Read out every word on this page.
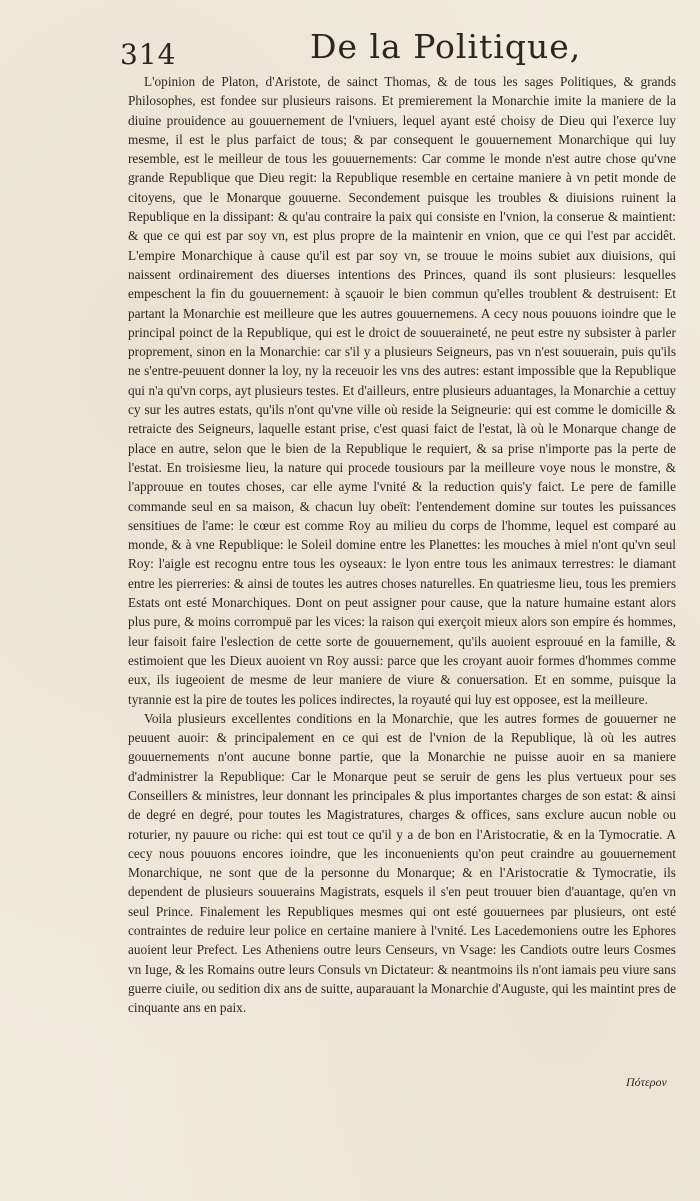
314	De la Politique,

L'opinion de Platon, d'Aristote, de sainct Thomas, & de tous les sages Politiques, & grands Philosophes, est fondee sur plusieurs raisons. Et premierement la Monarchie imite la maniere de la diuine prouidence au gouuernement de l'vniuers, lequel ayant esté choisy de Dieu qui l'exerce luy mesme, il est le plus parfaict de tous; & par consequent le gouuernement Monarchique qui luy resemble, est le meilleur de tous les gouuernements: Car comme le monde n'est autre chose qu'vne grande Republique que Dieu regit: la Republique resemble en certaine maniere à vn petit monde de citoyens, que le Monarque gouuerne. Secondement puisque les troubles & diuisions ruinent la Republique en la dissipant: & qu'au contraire la paix qui consiste en l'vnion, la conserue & maintient: & que ce qui est par soy vn, est plus propre de la maintenir en vnion, que ce qui l'est par accidêt. L'empire Monarchique à cause qu'il est par soy vn, se trouue le moins subiet aux diuisions, qui naissent ordinairement des diuerses intentions des Princes, quand ils sont plusieurs: lesquelles empeschent la fin du gouuernement: à sçauoir le bien commun qu'elles troublent & destruisent: Et partant la Monarchie est meilleure que les autres gouuernemens. A cecy nous pouuons ioindre que le principal poinct de la Republique, qui est le droict de souueraineté, ne peut estre ny subsister à parler proprement, sinon en la Monarchie: car s'il y a plusieurs Seigneurs, pas vn n'est souuerain, puis qu'ils ne s'entre-peuuent donner la loy, ny la receuoir les vns des autres: estant impossible que la Republique qui n'a qu'vn corps, ayt plusieurs testes. Et d'ailleurs, entre plusieurs aduantages, la Monarchie a cettuy cy sur les autres estats, qu'ils n'ont qu'vne ville où reside la Seigneurie: qui est comme le domicille & retraicte des Seigneurs, laquelle estant prise, c'est quasi faict de l'estat, là où le Monarque change de place en autre, selon que le bien de la Republique le requiert, & sa prise n'importe pas la perte de l'estat. En troisiesme lieu, la nature qui procede tousiours par la meilleure voye nous le monstre, & l'approuue en toutes choses, car elle ayme l'vnité & la reduction quis'y faict. Le pere de famille commande seul en sa maison, & chacun luy obeït: l'entendement domine sur toutes les puissances sensitiues de l'ame: le cœur est comme Roy au milieu du corps de l'homme, lequel est comparé au monde, & à vne Republique: le Soleil domine entre les Planettes: les mouches à miel n'ont qu'vn seul Roy: l'aigle est recognu entre tous les oyseaux: le lyon entre tous les animaux terrestres: le diamant entre les pierreries: & ainsi de toutes les autres choses naturelles. En quatriesme lieu, tous les premiers Estats ont esté Monarchiques. Dont on peut assigner pour cause, que la nature humaine estant alors plus pure, & moins corrompuë par les vices: la raison qui exerçoit mieux alors son empire és hommes, leur faisoit faire l'eslection de cette sorte de gouuernement, qu'ils auoient esprouué en la famille, & estimoient que les Dieux auoient vn Roy aussi: parce que les croyant auoir formes d'hommes comme eux, ils iugeoient de mesme de leur maniere de viure & conuersation. Et en somme, puisque la tyrannie est la pire de toutes les polices indirectes, la royauté qui luy est opposee, est la meilleure.

Voila plusieurs excellentes conditions en la Monarchie, que les autres formes de gouuerner ne peuuent auoir: & principalement en ce qui est de l'vnion de la Republique, là où les autres gouuernements n'ont aucune bonne partie, que la Monarchie ne puisse auoir en sa maniere d'administrer la Republique: Car le Monarque peut se seruir de gens les plus vertueux pour ses Conseillers & ministres, leur donnant les principales & plus importantes charges de son estat: & ainsi de degré en degré, pour toutes les Magistratures, charges & offices, sans exclure aucun noble ou roturier, ny pauure ou riche: qui est tout ce qu'il y a de bon en l'Aristocratie, & en la Tymocratie. A cecy nous pouuons encores ioindre, que les inconuenients qu'on peut craindre au gouuernement Monarchique, ne sont que de la personne du Monarque; & en l'Aristocratie & Tymocratie, ils dependent de plusieurs souuerains Magistrats, esquels il s'en peut trouuer bien d'auantage, qu'en vn seul Prince. Finalement les Republiques mesmes qui ont esté gouuernees par plusieurs, ont esté contraintes de reduire leur police en certaine maniere à l'vnité. Les Lacedemoniens outre les Ephores auoient leur Prefect. Les Atheniens outre leurs Censeurs, vn Vsage: les Candiots outre leurs Cosmes vn Iuge, & les Romains outre leurs Consuls vn Dictateur: & neantmoins ils n'ont iamais peu viure sans guerre ciuile, ou sedition dix ans de suitte, auparauant la Monarchie d'Auguste, qui les maintint pres de cinquante ans en paix.

Πότερον
